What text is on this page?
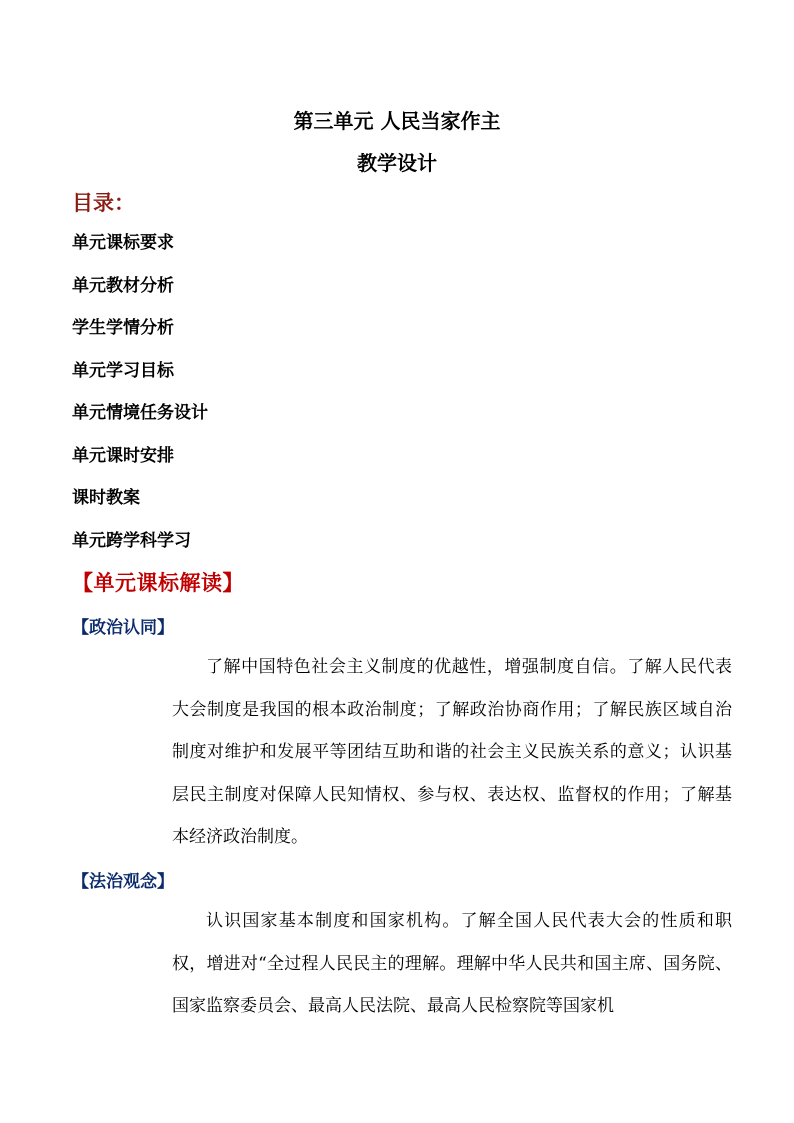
第三单元 人民当家作主
教学设计
目录：
单元课标要求
单元教材分析
学生学情分析
单元学习目标
单元情境任务设计
单元课时安排
课时教案
单元跨学科学习
【单元课标解读】
【政治认同】

了解中国特色社会主义制度的优越性，增强制度自信。了解人民代表大会制度是我国的根本政治制度；了解政治协商作用；了解民族区域自治制度对维护和发展平等团结互助和谐的社会主义民族关系的意义；认识基层民主制度对保障人民知情权、参与权、表达权、监督权的作用；了解基本经济政治制度。

【法治观念】

认识国家基本制度和国家机构。了解全国人民代表大会的性质和职权，增进对“全过程人民民主的理解。理解中华人民共和国主席、国务院、国家监察委员会、最高人民法院、最高人民检察院等国家机
